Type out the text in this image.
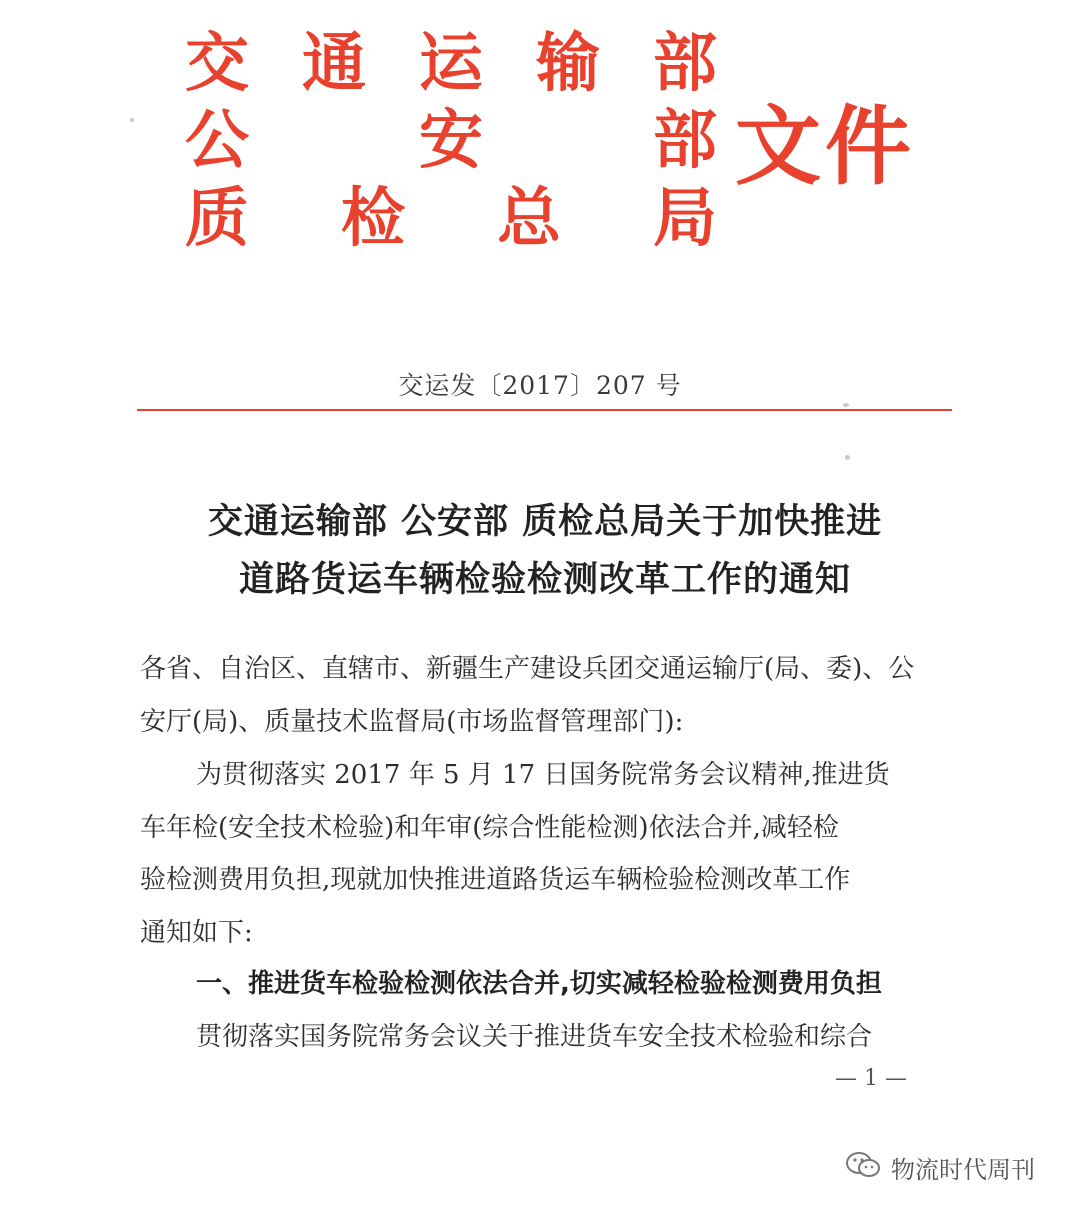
交 通 运 输 部
公	安	部
质 检 总 局
文件
交运发〔2017〕207 号
交通运输部 公安部 质检总局关于加快推进
道路货运车辆检验检测改革工作的通知
各省、自治区、直辖市、新疆生产建设兵团交通运输厅(局、委)、公
安厅(局)、质量技术监督局(市场监督管理部门):
为贯彻落实 2017 年 5 月 17 日国务院常务会议精神,推进货
车年检(安全技术检验)和年审(综合性能检测)依法合并,减轻检
验检测费用负担,现就加快推进道路货运车辆检验检测改革工作
通知如下:
一、推进货车检验检测依法合并,切实减轻检验检测费用负担
贯彻落实国务院常务会议关于推进货车安全技术检验和综合
— 1 —
物流时代周刊
